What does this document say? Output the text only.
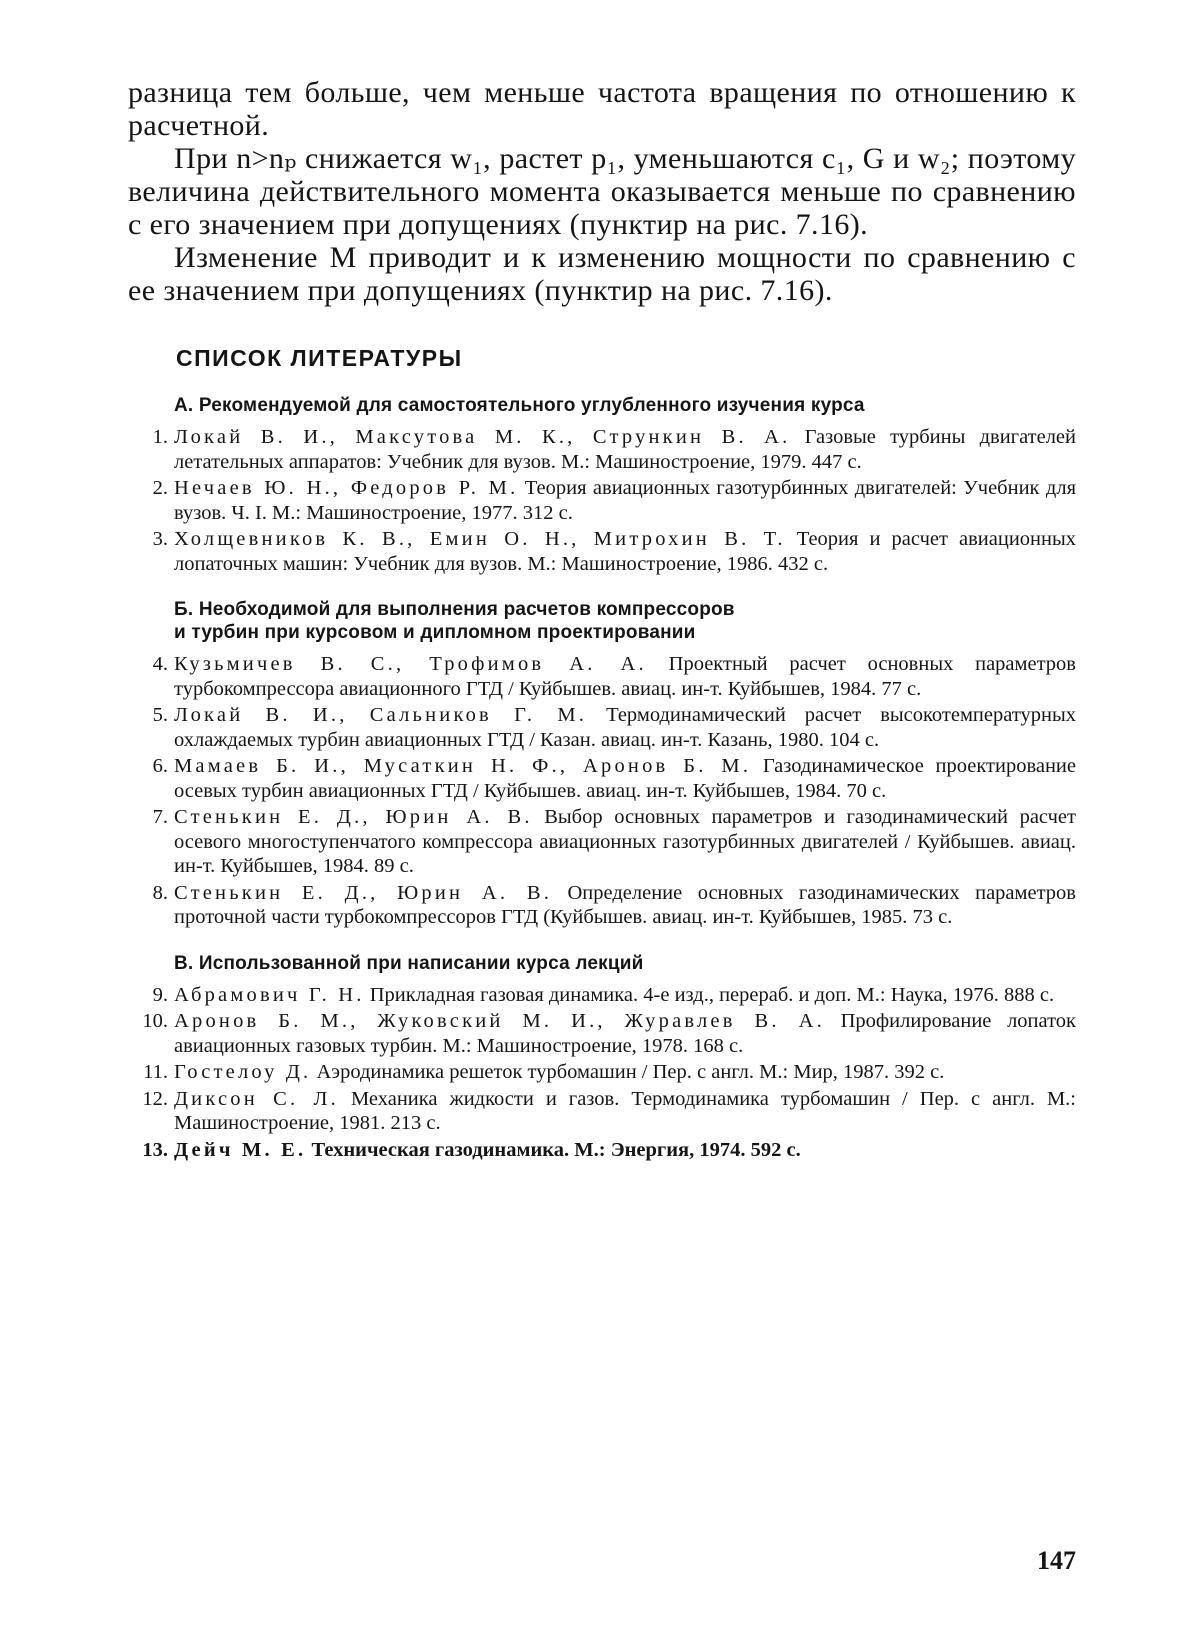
разница тем больше, чем меньше частота вращения по отношению к расчетной.

При n>nₚ снижается w₁, растет p₁, уменьшаются c₁, G и w₂; поэтому величина действительного момента оказывается меньше по сравнению с его значением при допущениях (пунктир на рис. 7.16).

Изменение M приводит и к изменению мощности по сравнению с ее значением при допущениях (пунктир на рис. 7.16).

СПИСОК ЛИТЕРАТУРЫ
А. Рекомендуемой для самостоятельного углубленного изучения курса
1. Локай В. И., Максутова М. К., Стрункин В. А. Газовые турбины двигателей летательных аппаратов: Учебник для вузов. М.: Машиностроение, 1979. 447 с.
2. Нечаев Ю. Н., Федоров Р. М. Теория авиационных газотурбинных двигателей: Учебник для вузов. Ч. I. М.: Машиностроение, 1977. 312 с.
3. Холщевников К. В., Емин О. Н., Митрохин В. Т. Теория и расчет авиационных лопаточных машин: Учебник для вузов. М.: Машиностроение, 1986. 432 с.
Б. Необходимой для выполнения расчетов компрессоров
и турбин при курсовом и дипломном проектировании
4. Кузьмичев В. С., Трофимов А. А. Проектный расчет основных параметров турбокомпрессора авиационного ГТД / Куйбышев. авиац. ин-т. Куйбышев, 1984. 77 с.
5. Локай В. И., Сальников Г. М. Термодинамический расчет высокотемпературных охлаждаемых турбин авиационных ГТД / Казан. авиац. ин-т. Казань, 1980. 104 с.
6. Мамаев Б. И., Мусаткин Н. Ф., Аронов Б. М. Газодинамическое проектирование осевых турбин авиационных ГТД / Куйбышев. авиац. ин-т. Куйбышев, 1984. 70 с.
7. Стенькин Е. Д., Юрин А. В. Выбор основных параметров и газодинамический расчет осевого многоступенчатого компрессора авиационных газотурбинных двигателей / Куйбышев. авиац. ин-т. Куйбышев, 1984. 89 с.
8. Стенькин Е. Д., Юрин А. В. Определение основных газодинамических параметров проточной части турбокомпрессоров ГТД (Куйбышев. авиац. ин-т. Куйбышев, 1985. 73 с.
В. Использованной при написании курса лекций
9. Абрамович Г. Н. Прикладная газовая динамика. 4-е изд., перераб. и доп. М.: Наука, 1976. 888 с.
10. Аронов Б. М., Жуковский М. И., Журавлев В. А. Профилирование лопаток авиационных газовых турбин. М.: Машиностроение, 1978. 168 с.
11. Гостелоу Д. Аэродинамика решеток турбомашин / Пер. с англ. М.: Мир, 1987. 392 с.
12. Диксон С. Л. Механика жидкости и газов. Термодинамика турбомашин / Пер. с англ. М.: Машиностроение, 1981. 213 с.
13. Дейч М. Е. Техническая газодинамика. М.: Энергия, 1974. 592 с.
147
